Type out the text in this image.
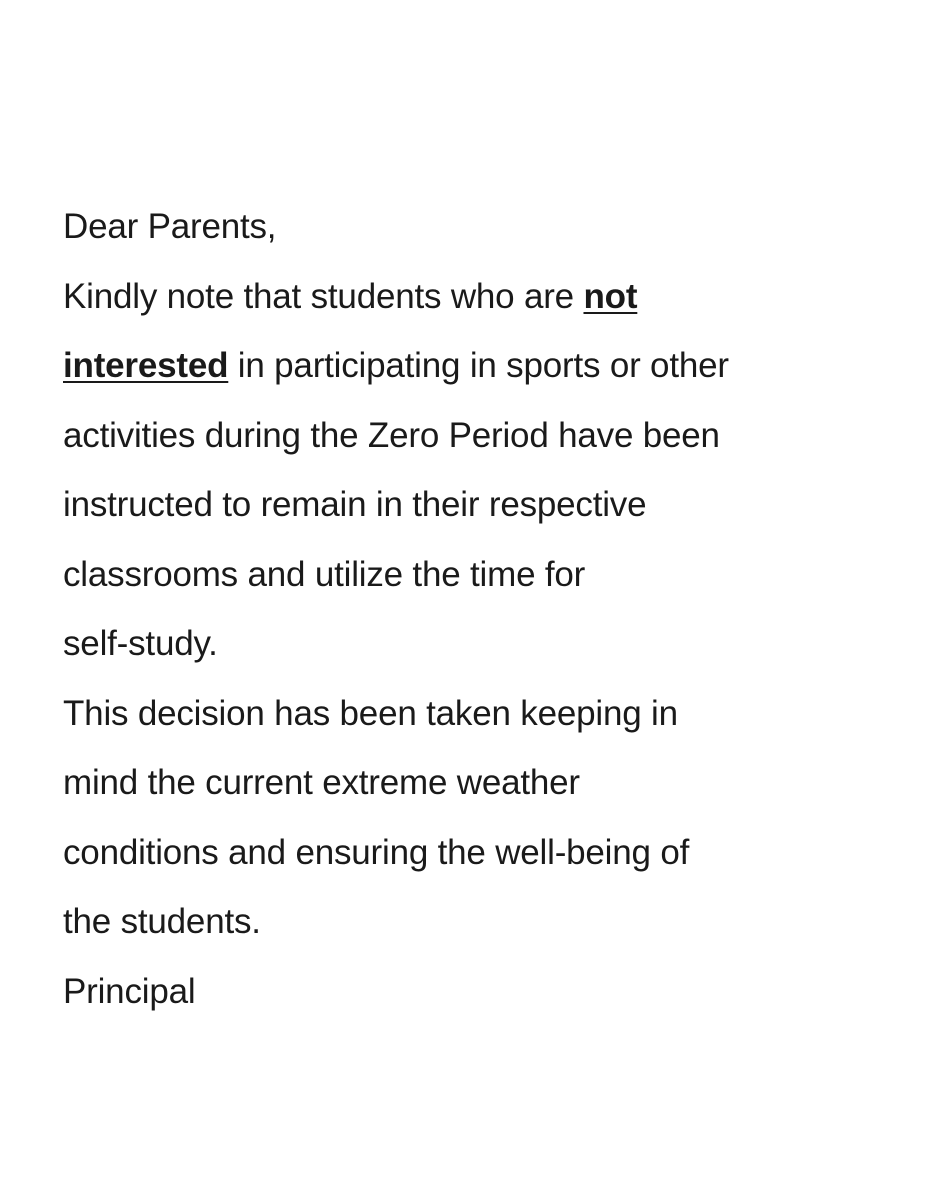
Dear Parents,

Kindly note that students who are not

interested in participating in sports or other

activities during the Zero Period have been

instructed to remain in their respective

classrooms and utilize the time for

self-study.

This decision has been taken keeping in

mind the current extreme weather

conditions and ensuring the well-being of

the students.

Principal
